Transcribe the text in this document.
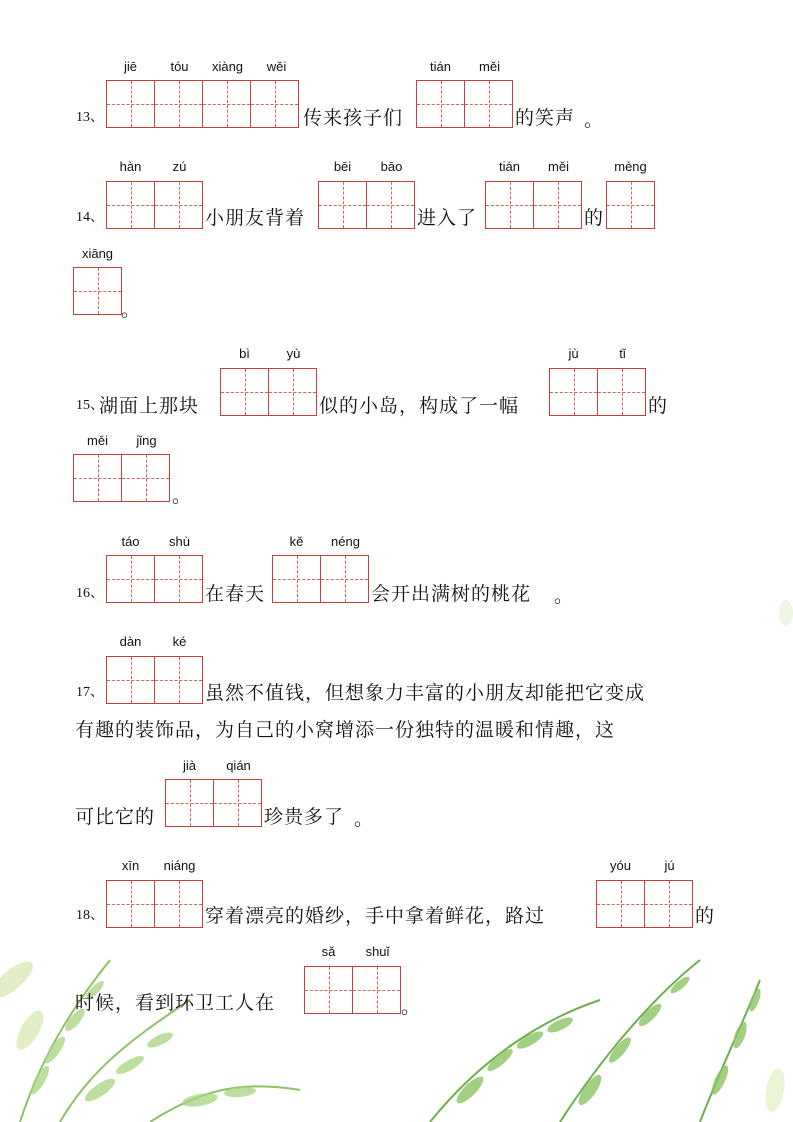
13、
jiē	tóu	xiàng	wěi
传来孩子们
tián	měi
的笑声 。
14、
hàn	zú
小朋友背着
bēi	bāo
进入了
tián	měi
的
mèng
xiāng
。
15、
湖面上那块
bì	yù
似的小岛，构成了一幅
jù	tǐ
的
měi	jǐng
。
16、
táo	shù
在春天
kě	néng
会开出满树的桃花 。
17、
dàn	ké
虽然不值钱，但想象力丰富的小朋友却能把它变成
有趣的装饰品，为自己的小窝增添一份独特的温暖和情趣，这
可比它的
jià	qián
珍贵多了 。
18、
xīn	niáng
穿着漂亮的婚纱，手中拿着鲜花，路过
yóu	jú
的
时候，看到环卫工人在
sǎ	shuǐ
。
